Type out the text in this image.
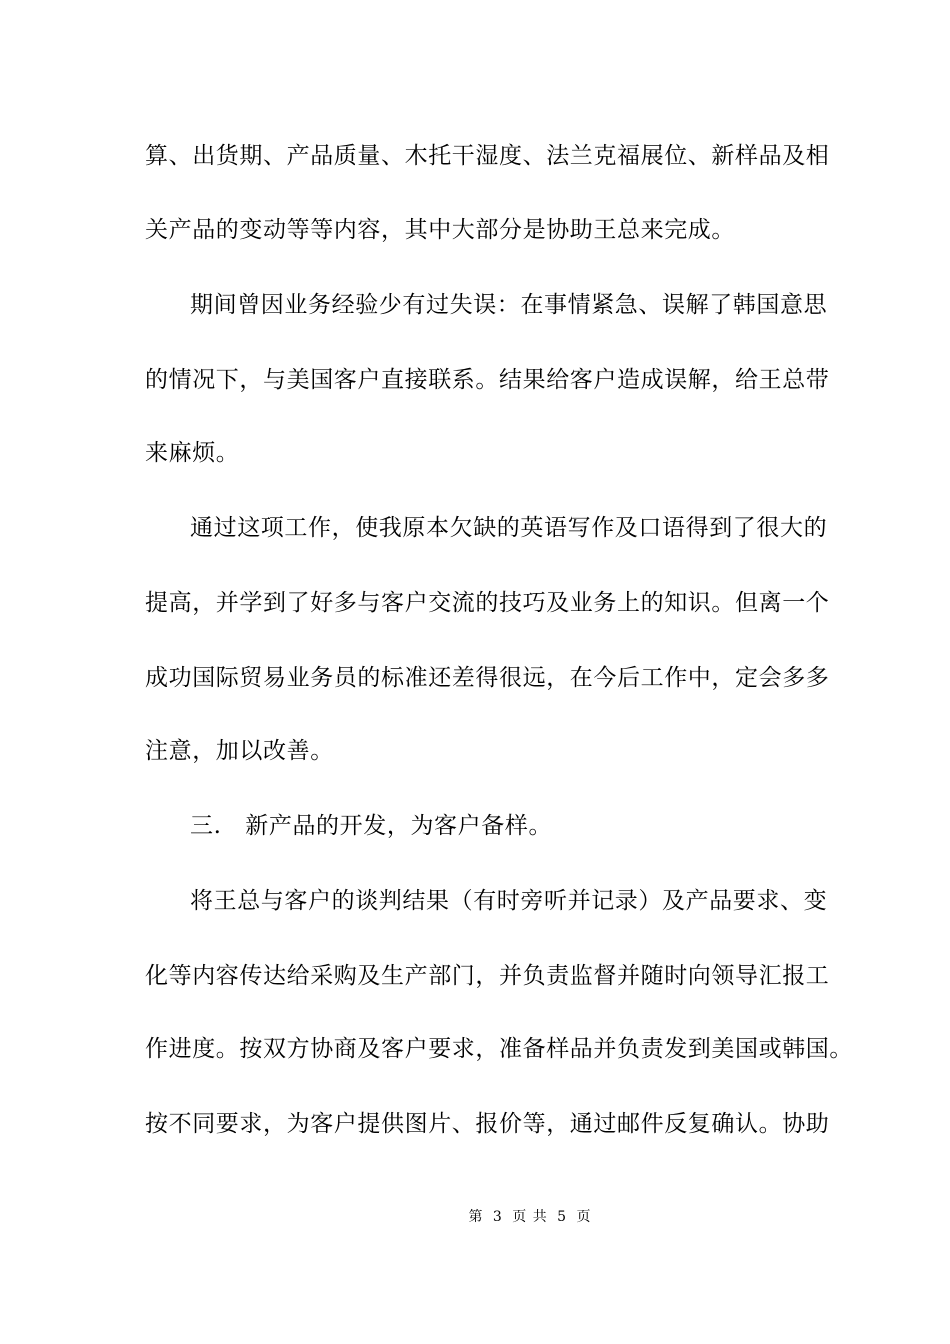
算、出货期、产品质量、木托干湿度、法兰克福展位、新样品及相
关产品的变动等等内容，其中大部分是协助王总来完成。
期间曾因业务经验少有过失误：在事情紧急、误解了韩国意思
的情况下，与美国客户直接联系。结果给客户造成误解，给王总带
来麻烦。
通过这项工作，使我原本欠缺的英语写作及口语得到了很大的
提高，并学到了好多与客户交流的技巧及业务上的知识。但离一个
成功国际贸易业务员的标准还差得很远，在今后工作中，定会多多
注意，加以改善。
三.   新产品的开发，为客户备样。
将王总与客户的谈判结果（有时旁听并记录）及产品要求、变
化等内容传达给采购及生产部门，并负责监督并随时向领导汇报工
作进度。按双方协商及客户要求，准备样品并负责发到美国或韩国。
按不同要求，为客户提供图片、报价等，通过邮件反复确认。协助
第 3 页 共 5 页
